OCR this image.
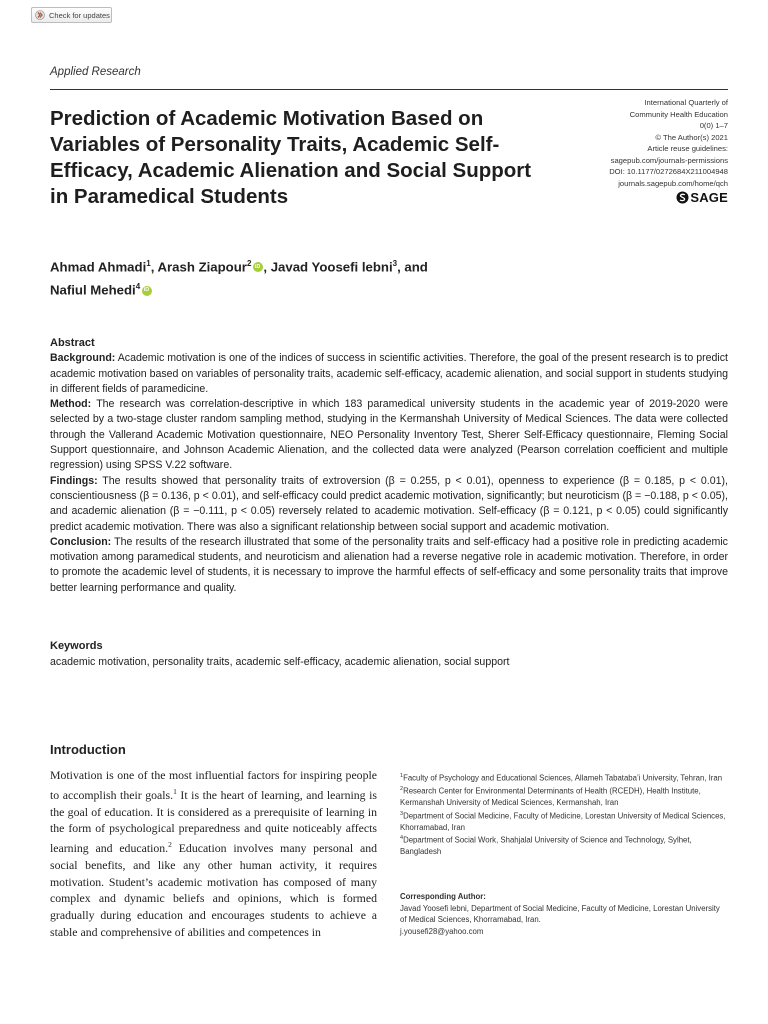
Check for updates
Applied Research
Prediction of Academic Motivation Based on Variables of Personality Traits, Academic Self-Efficacy, Academic Alienation and Social Support in Paramedical Students
International Quarterly of
Community Health Education
0(0) 1–7
© The Author(s) 2021
Article reuse guidelines:
sagepub.com/journals-permissions
DOI: 10.1177/0272684X211004948
journals.sagepub.com/home/qch
SAGE
Ahmad Ahmadi$^1$, Arash Ziapour$^2$iD , Javad Yoosefi lebni$^3$, and
Nafiul Mehedi$^4$iD
Abstract

Background: Academic motivation is one of the indices of success in scientific activities. Therefore, the goal of the present research is to predict academic motivation based on variables of personality traits, academic self-efficacy, academic alienation, and social support in students studying in different fields of paramedicine.

Method: The research was correlation-descriptive in which 183 paramedical university students in the academic year of 2019-2020 were selected by a two-stage cluster random sampling method, studying in the Kermanshah University of Medical Sciences. The data were collected through the Vallerand Academic Motivation questionnaire, NEO Personality Inventory Test, Sherer Self-Efficacy questionnaire, Fleming Social Support questionnaire, and Johnson Academic Alienation, and the collected data were analyzed (Pearson correlation coefficient and multiple regression) using SPSS V.22 software.

Findings: The results showed that personality traits of extroversion (β = 0.255, p < 0.01), openness to experience (β = 0.185, p < 0.01), conscientiousness (β = 0.136, p < 0.01), and self-efficacy could predict academic motivation, significantly; but neuroticism (β = −0.188, p < 0.05), and academic alienation (β = −0.111, p < 0.05) reversely related to academic motivation. Self-efficacy (β = 0.121, p < 0.05) could significantly predict academic motivation. There was also a significant relationship between social support and academic motivation.

Conclusion: The results of the research illustrated that some of the personality traits and self-efficacy had a positive role in predicting academic motivation among paramedical students, and neuroticism and alienation had a reverse negative role in academic motivation. Therefore, in order to promote the academic level of students, it is necessary to improve the harmful effects of self-efficacy and some personality traits that improve better learning performance and quality.

Keywords
academic motivation, personality traits, academic self-efficacy, academic alienation, social support
Introduction
Motivation is one of the most influential factors for inspiring people to accomplish their goals.$^1$ It is the heart of learning, and learning is the goal of education. It is considered as a prerequisite of learning in the form of psychological preparedness and quite noticeably affects learning and education.$^2$ Education involves many personal and social benefits, and like any other human activity, it requires motivation. Student’s academic motivation has composed of many complex and dynamic beliefs and opinions, which is formed gradually during education and encourages students to achieve a stable and comprehensive of abilities and competences in

$^1$Faculty of Psychology and Educational Sciences, Allameh Tabataba’i University, Tehran, Iran

$^2$Research Center for Environmental Determinants of Health (RCEDH), Health Institute, Kermanshah University of Medical Sciences, Kermanshah, Iran

$^3$Department of Social Medicine, Faculty of Medicine, Lorestan University of Medical Sciences, Khorramabad, Iran

$^4$Department of Social Work, Shahjalal University of Science and Technology, Sylhet, Bangladesh

Corresponding Author:
Javad Yoosefi lebni, Department of Social Medicine, Faculty of Medicine, Lorestan University of Medical Sciences, Khorramabad, Iran.
j.yousefi28@yahoo.com
